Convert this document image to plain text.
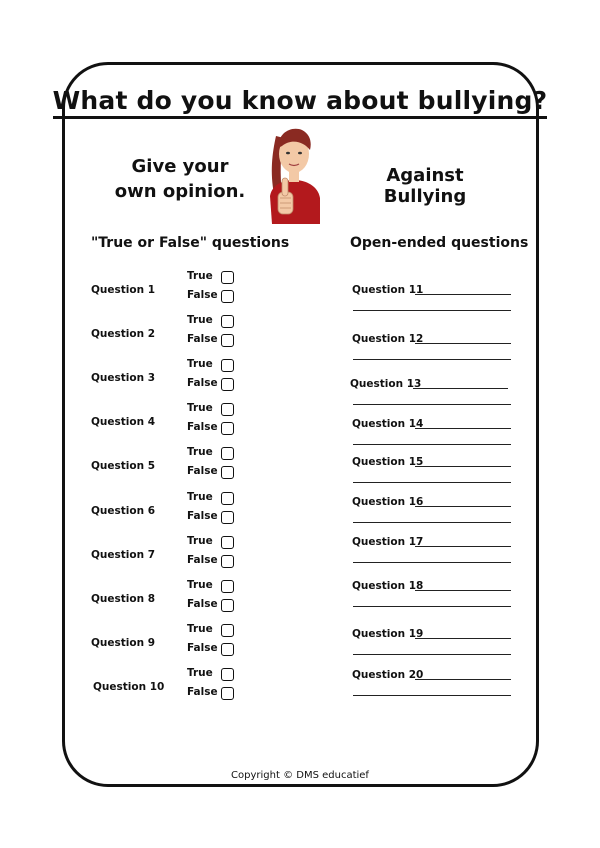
What do you know about bullying?
Give your
own opinion.
Against Bullying
"True or False" questions	Open-ended questions
Question 1
True
False
Question 2
True
False
Question 3
True
False
Question 4
True
False
Question 5
True
False
Question 6
True
False
Question 7
True
False
Question 8
True
False
Question 9
True
False
Question 10
True
False
Question 11
Question 12
Question 13
Question 14
Question 15
Question 16
Question 17
Question 18
Question 19
Question 20
Copyright © DMS educatief
